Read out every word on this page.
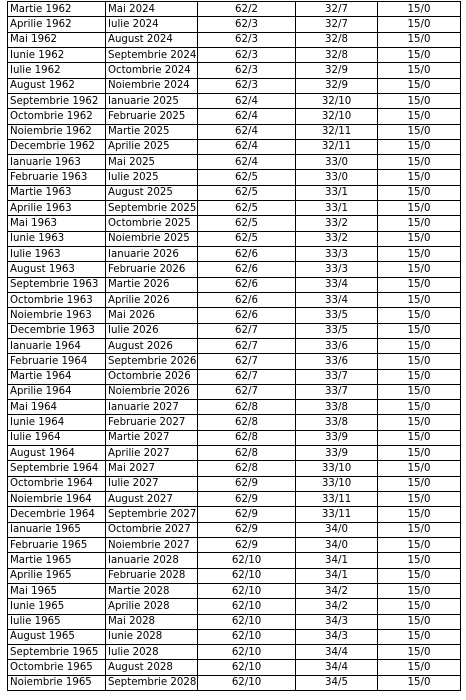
Martie 1962	Mai 2024	62/2	32/7	15/0
Aprilie 1962	Iulie 2024	62/3	32/7	15/0
Mai 1962	August 2024	62/3	32/8	15/0
Iunie 1962	Septembrie 2024	62/3	32/8	15/0
Iulie 1962	Octombrie 2024	62/3	32/9	15/0
August 1962	Noiembrie 2024	62/3	32/9	15/0
Septembrie 1962	Ianuarie 2025	62/4	32/10	15/0
Octombrie 1962	Februarie 2025	62/4	32/10	15/0
Noiembrie 1962	Martie 2025	62/4	32/11	15/0
Decembrie 1962	Aprilie 2025	62/4	32/11	15/0
Ianuarie 1963	Mai 2025	62/4	33/0	15/0
Februarie 1963	Iulie 2025	62/5	33/0	15/0
Martie 1963	August 2025	62/5	33/1	15/0
Aprilie 1963	Septembrie 2025	62/5	33/1	15/0
Mai 1963	Octombrie 2025	62/5	33/2	15/0
Iunie 1963	Noiembrie 2025	62/5	33/2	15/0
Iulie 1963	Ianuarie 2026	62/6	33/3	15/0
August 1963	Februarie 2026	62/6	33/3	15/0
Septembrie 1963	Martie 2026	62/6	33/4	15/0
Octombrie 1963	Aprilie 2026	62/6	33/4	15/0
Noiembrie 1963	Mai 2026	62/6	33/5	15/0
Decembrie 1963	Iulie 2026	62/7	33/5	15/0
Ianuarie 1964	August 2026	62/7	33/6	15/0
Februarie 1964	Septembrie 2026	62/7	33/6	15/0
Martie 1964	Octombrie 2026	62/7	33/7	15/0
Aprilie 1964	Noiembrie 2026	62/7	33/7	15/0
Mai 1964	Ianuarie 2027	62/8	33/8	15/0
Iunie 1964	Februarie 2027	62/8	33/8	15/0
Iulie 1964	Martie 2027	62/8	33/9	15/0
August 1964	Aprilie 2027	62/8	33/9	15/0
Septembrie 1964	Mai 2027	62/8	33/10	15/0
Octombrie 1964	Iulie 2027	62/9	33/10	15/0
Noiembrie 1964	August 2027	62/9	33/11	15/0
Decembrie 1964	Septembrie 2027	62/9	33/11	15/0
Ianuarie 1965	Octombrie 2027	62/9	34/0	15/0
Februarie 1965	Noiembrie 2027	62/9	34/0	15/0
Martie 1965	Ianuarie 2028	62/10	34/1	15/0
Aprilie 1965	Februarie 2028	62/10	34/1	15/0
Mai 1965	Martie 2028	62/10	34/2	15/0
Iunie 1965	Aprilie 2028	62/10	34/2	15/0
Iulie 1965	Mai 2028	62/10	34/3	15/0
August 1965	Iunie 2028	62/10	34/3	15/0
Septembrie 1965	Iulie 2028	62/10	34/4	15/0
Octombrie 1965	August 2028	62/10	34/4	15/0
Noiembrie 1965	Septembrie 2028	62/10	34/5	15/0
